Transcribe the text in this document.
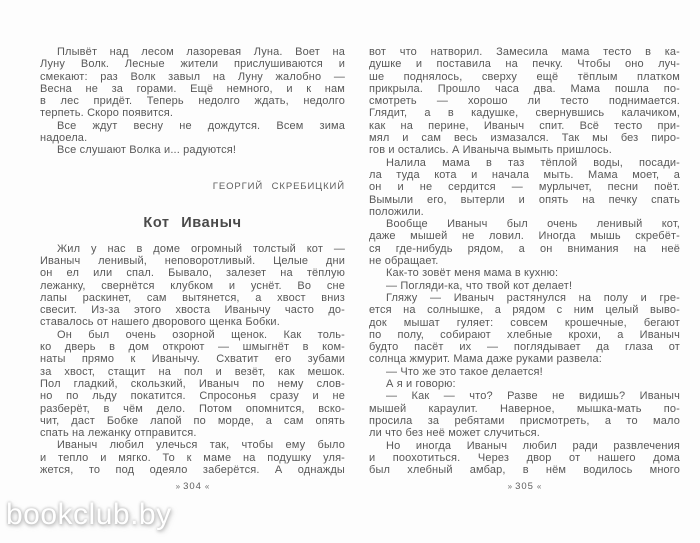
Плывёт над лесом лазоревая Луна. Воет на
Луну Волк. Лесные жители прислушиваются и
смекают: раз Волк завыл на Луну жалобно —
Весна не за горами. Ещё немного, и к нам
в лес придёт. Теперь недолго ждать, недолго
терпеть. Скоро появится.
Все ждут весну не дождутся. Всем зима
надоела.
Все слушают Волка и... радуются!
ГЕОРГИЙ СКРЕБИЦКИЙ
Кот Иваныч
Жил у нас в доме огромный толстый кот —
Иваныч ленивый, неповоротливый. Целые дни
он ел или спал. Бывало, залезет на тёплую
лежанку, свернётся клубком и уснёт. Во сне
лапы раскинет, сам вытянется, а хвост вниз
свесит. Из-за этого хвоста Иванычу часто до-
ставалось от нашего дворового щенка Бобки.
Он был очень озорной щенок. Как толь-
ко дверь в дом откроют — шмыгнёт в ком-
наты прямо к Иванычу. Схватит его зубами
за хвост, стащит на пол и везёт, как мешок.
Пол гладкий, скользкий, Иваныч по нему слов-
но по льду покатится. Спросонья сразу и не
разберёт, в чём дело. Потом опомнится, вско-
чит, даст Бобке лапой по морде, а сам опять
спать на лежанку отправится.
Иваныч любил улечься так, чтобы ему было
и тепло и мягко. То к маме на подушку уля-
жется, то под одеяло заберётся. А однажды
» 304 «
вот что натворил. Замесила мама тесто в ка-
душке и поставила на печку. Чтобы оно луч-
ше поднялось, сверху ещё тёплым платком
прикрыла. Прошло часа два. Мама пошла по-
смотреть — хорошо ли тесто поднимается.
Глядит, а в кадушке, свернувшись калачиком,
как на перине, Иваныч спит. Всё тесто при-
мял и сам весь измазался. Так мы без пиро-
гов и остались. А Иваныча вымыть пришлось.
Налила мама в таз тёплой воды, посади-
ла туда кота и начала мыть. Мама моет, а
он и не сердится — мурлычет, песни поёт.
Вымыли его, вытерли и опять на печку спать
положили.
Вообще Иваныч был очень ленивый кот,
даже мышей не ловил. Иногда мышь скребёт-
ся где-нибудь рядом, а он внимания на неё
не обращает.
Как-то зовёт меня мама в кухню:
— Погляди-ка, что твой кот делает!
Гляжу — Иваныч растянулся на полу и гре-
ется на солнышке, а рядом с ним целый выво-
док мышат гуляет: совсем крошечные, бегают
по полу, собирают хлебные крохи, а Иваныч
будто пасёт их — поглядывает да глаза от
солнца жмурит. Мама даже руками развела:
— Что же это такое делается!
А я и говорю:
— Как — что? Разве не видишь? Иваныч
мышей караулит. Наверное, мышка-мать по-
просила за ребятами присмотреть, а то мало
ли что без неё может случиться.
Но иногда Иваныч любил ради развлечения
и поохотиться. Через двор от нашего дома
был хлебный амбар, в нём водилось много
» 305 «
bookclub.by
